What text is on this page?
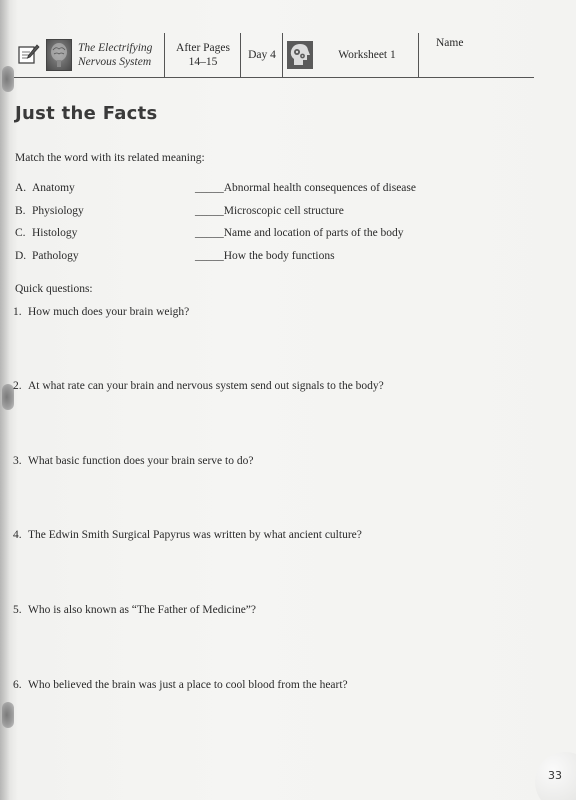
The Electrifying
Nervous System
After Pages
14–15
Day 4	Worksheet 1
Name
Just the Facts
Match the word with its related meaning:
A. Anatomy	_____Abnormal health consequences of disease
B. Physiology	_____Microscopic cell structure
C. Histology	_____Name and location of parts of the body
D. Pathology	_____How the body functions
Quick questions:
1. How much does your brain weigh?
2. At what rate can your brain and nervous system send out signals to the body?
3. What basic function does your brain serve to do?
4. The Edwin Smith Surgical Papyrus was written by what ancient culture?
5. Who is also known as “The Father of Medicine”?
6. Who believed the brain was just a place to cool blood from the heart?
33
